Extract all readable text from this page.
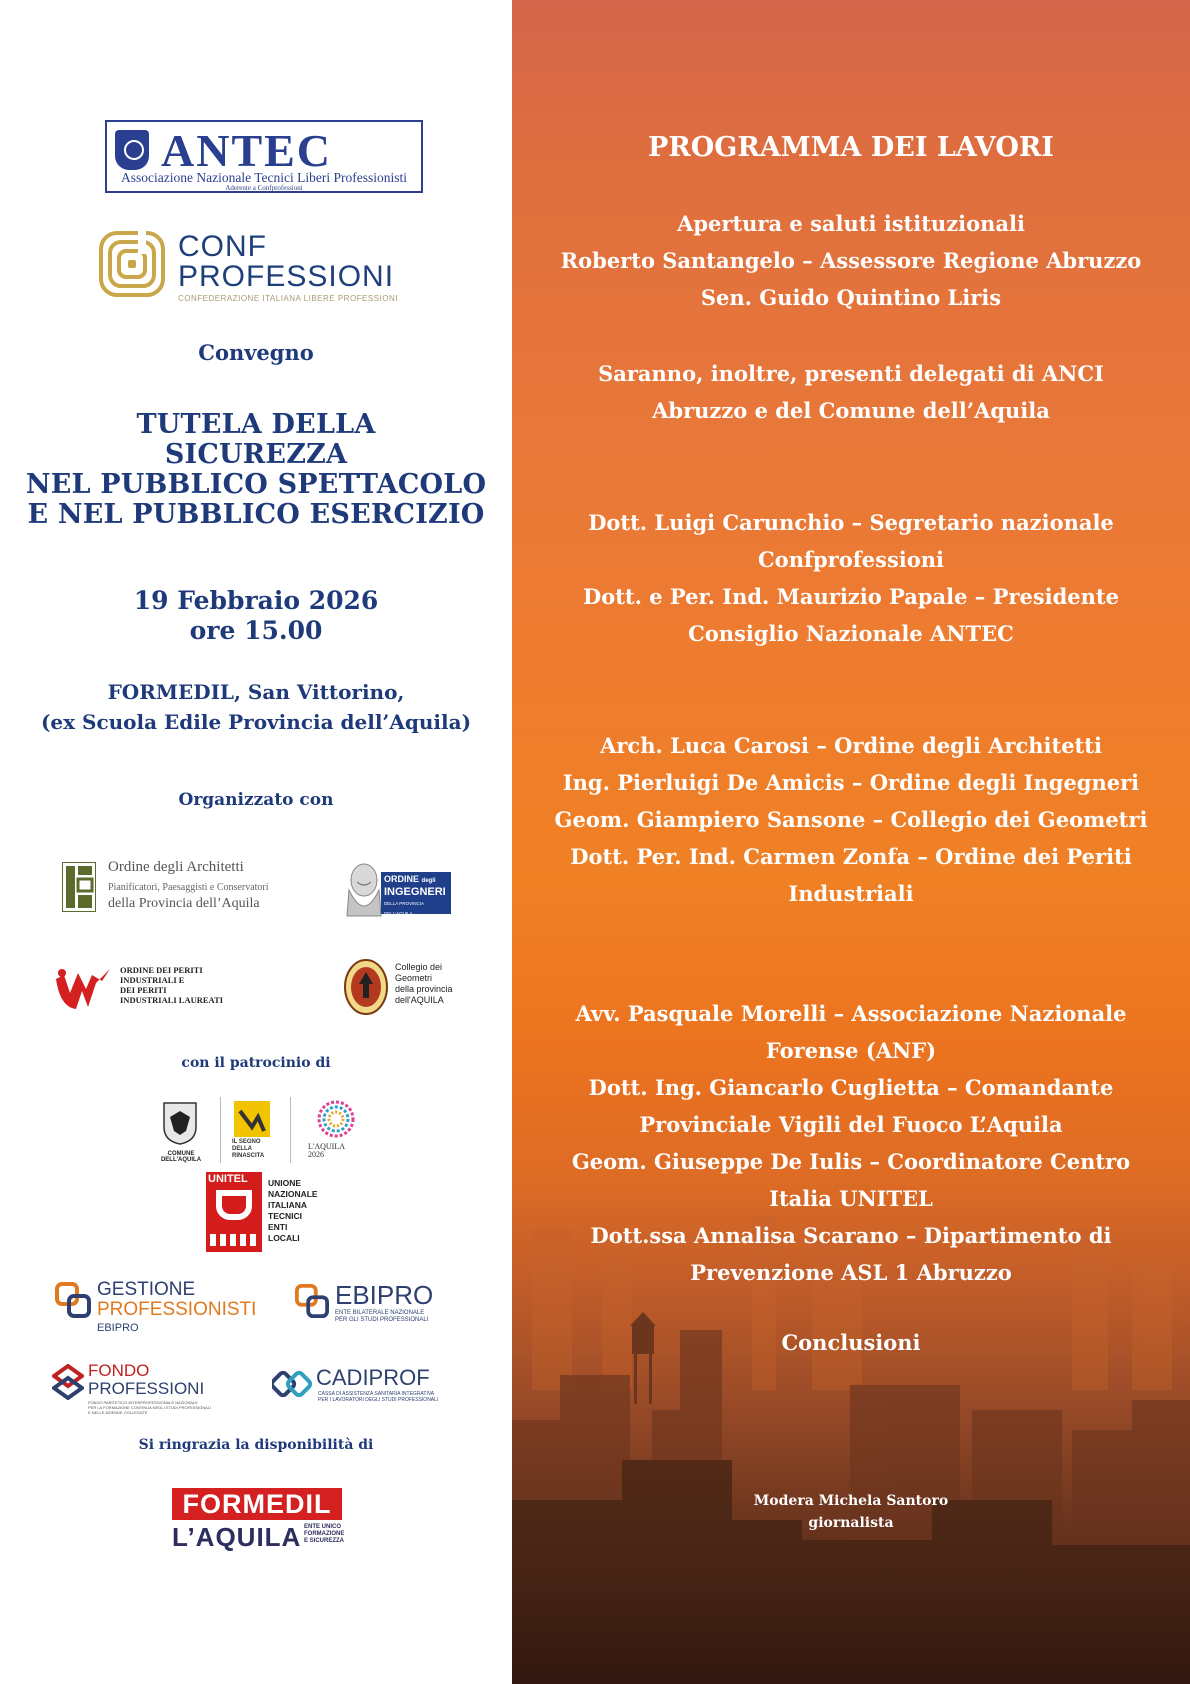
ANTEC
Associazione Nazionale Tecnici Liberi Professionisti
Aderente a Confprofessioni
CONF
PROFESSIONI
CONFEDERAZIONE ITALIANA LIBERE PROFESSIONI
Convegno
TUTELA DELLA
SICUREZZA
NEL PUBBLICO SPETTACOLO
E NEL PUBBLICO ESERCIZIO
19 Febbraio 2026
ore 15.00
FORMEDIL, San Vittorino,
(ex Scuola Edile Provincia dell’Aquila)
Organizzato con
Ordine degli Architetti
Pianificatori, Paesaggisti e Conservatori
della Provincia dell’Aquila
ORDINE degli
INGEGNERI
DELLA PROVINCIA DELL'AQUILA
ORDINE DEI PERITI
INDUSTRIALI E
DEI PERITI
INDUSTRIALI LAUREATI
Collegio dei
Geometri
della provincia
dell'AQUILA
con il patrocinio di
COMUNE DELL'AQUILA
IL SEGNO
DELLA
RINASCITA
L'AQUILA
2026
UNITEL UNIONE
NAZIONALE
ITALIANA
TECNICI
ENTI
LOCALI
GESTIONE
PROFESSIONISTI
EBIPRO
EBIPRO
ENTE BILATERALE NAZIONALE
PER GLI STUDI PROFESSIONALI
FONDO
PROFESSIONI
FONDO PARITETICO INTERPROFESSIONALE NAZIONALE
PER LA FORMAZIONE CONTINUA NEGLI STUDI PROFESSIONALI
E NELLE AZIENDE COLLEGATE
CADIPROF
CASSA DI ASSISTENZA SANITARIA INTEGRATIVA
PER I LAVORATORI DEGLI STUDI PROFESSIONALI
Si ringrazia la disponibilità di
FORMEDIL
L’AQUILA ENTE UNICO
FORMAZIONE
E SICUREZZA
PROGRAMMA DEI LAVORI
Apertura e saluti istituzionali
Roberto Santangelo – Assessore Regione Abruzzo
Sen. Guido Quintino Liris
Saranno, inoltre, presenti delegati di ANCI
Abruzzo e del Comune dell’Aquila
Dott. Luigi Carunchio – Segretario nazionale
Confprofessioni
Dott. e Per. Ind. Maurizio Papale – Presidente
Consiglio Nazionale ANTEC
Arch. Luca Carosi – Ordine degli Architetti
Ing. Pierluigi De Amicis – Ordine degli Ingegneri
Geom. Giampiero Sansone – Collegio dei Geometri
Dott. Per. Ind. Carmen Zonfa – Ordine dei Periti
Industriali
Avv. Pasquale Morelli – Associazione Nazionale
Forense (ANF)
Dott. Ing. Giancarlo Cuglietta – Comandante
Provinciale Vigili del Fuoco L’Aquila
Geom. Giuseppe De Iulis – Coordinatore Centro
Italia UNITEL
Dott.ssa Annalisa Scarano – Dipartimento di
Prevenzione ASL 1 Abruzzo
Conclusioni
Modera Michela Santoro
giornalista
